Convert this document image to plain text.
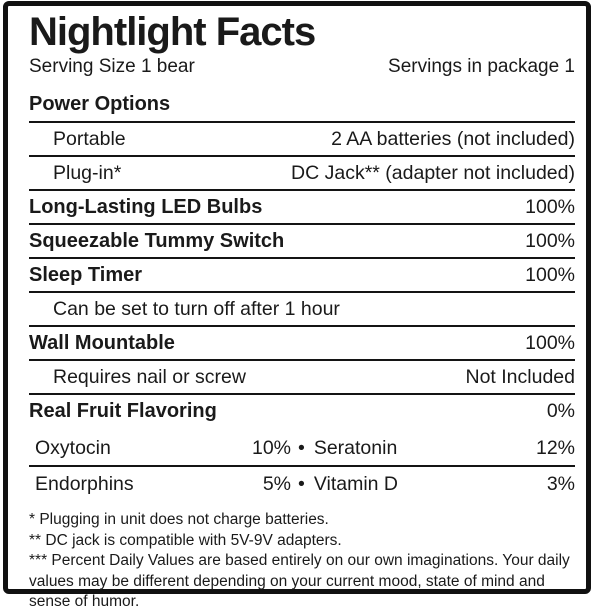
Nightlight Facts
Serving Size 1 bear	Servings in package 1
Power Options
Portable	2 AA batteries (not included)
Plug-in*	DC Jack** (adapter not included)
Long-Lasting LED Bulbs	100%
Squeezable Tummy Switch	100%
Sleep Timer	100%
Can be set to turn off after 1 hour
Wall Mountable	100%
Requires nail or screw	Not Included
Real Fruit Flavoring	0%
Oxytocin	10% • Seratonin	12%
Endorphins	5% • Vitamin D	3%
* Plugging in unit does not charge batteries.
** DC jack is compatible with 5V-9V adapters.
*** Percent Daily Values are based entirely on our own imaginations. Your daily values may be different depending on your current mood, state of mind and sense of humor.
